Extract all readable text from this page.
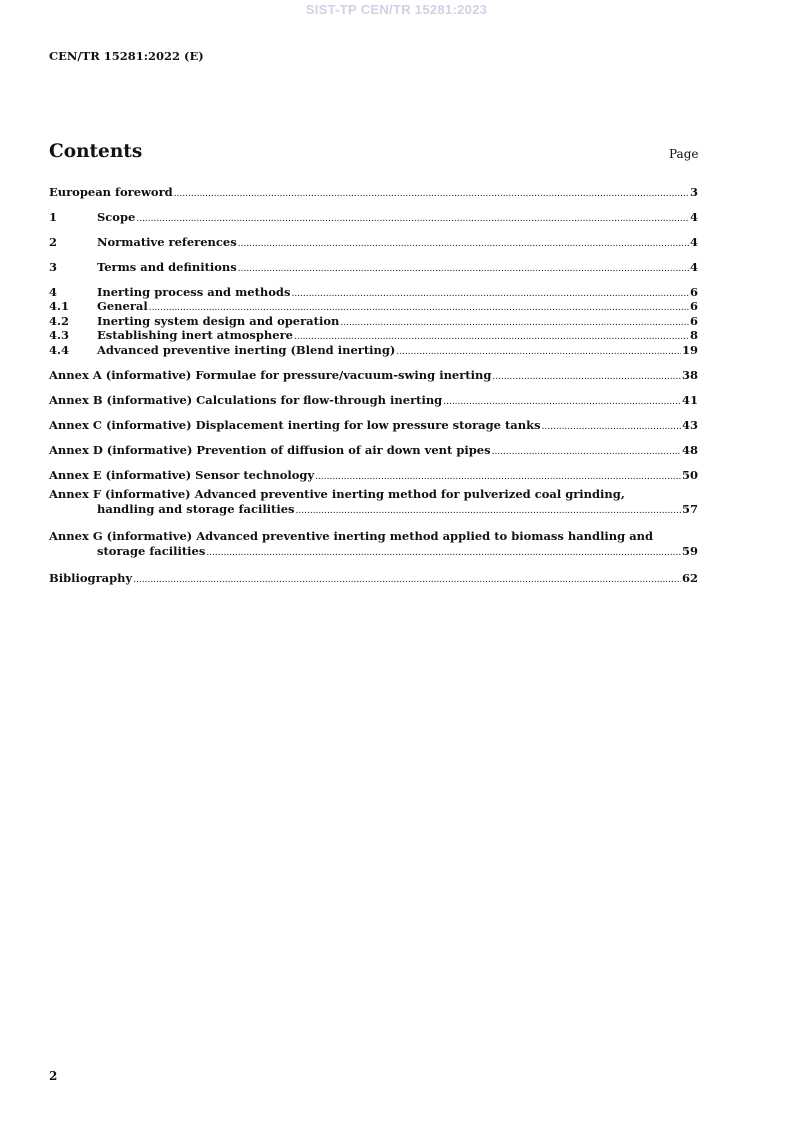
SIST-TP CEN/TR 15281:2023
CEN/TR 15281:2022 (E)
Contents	Page
European foreword .....	3
1	Scope .....	4
2	Normative references .....	4
3	Terms and definitions .....	4
4	Inerting process and methods .....	6
4.1	General .....	6
4.2	Inerting system design and operation .....	6
4.3	Establishing inert atmosphere .....	8
4.4	Advanced preventive inerting (Blend inerting) .....	19
Annex A (informative) Formulae for pressure/vacuum-swing inerting .....	38
Annex B (informative) Calculations for flow-through inerting .....	41
Annex C (informative) Displacement inerting for low pressure storage tanks .....	43
Annex D (informative) Prevention of diffusion of air down vent pipes .....	48
Annex E (informative) Sensor technology .....	50
Annex F (informative) Advanced preventive inerting method for pulverized coal grinding,
handling and storage facilities .....	57
Annex G (informative) Advanced preventive inerting method applied to biomass handling and
storage facilities .....	59
Bibliography .....	62
2
